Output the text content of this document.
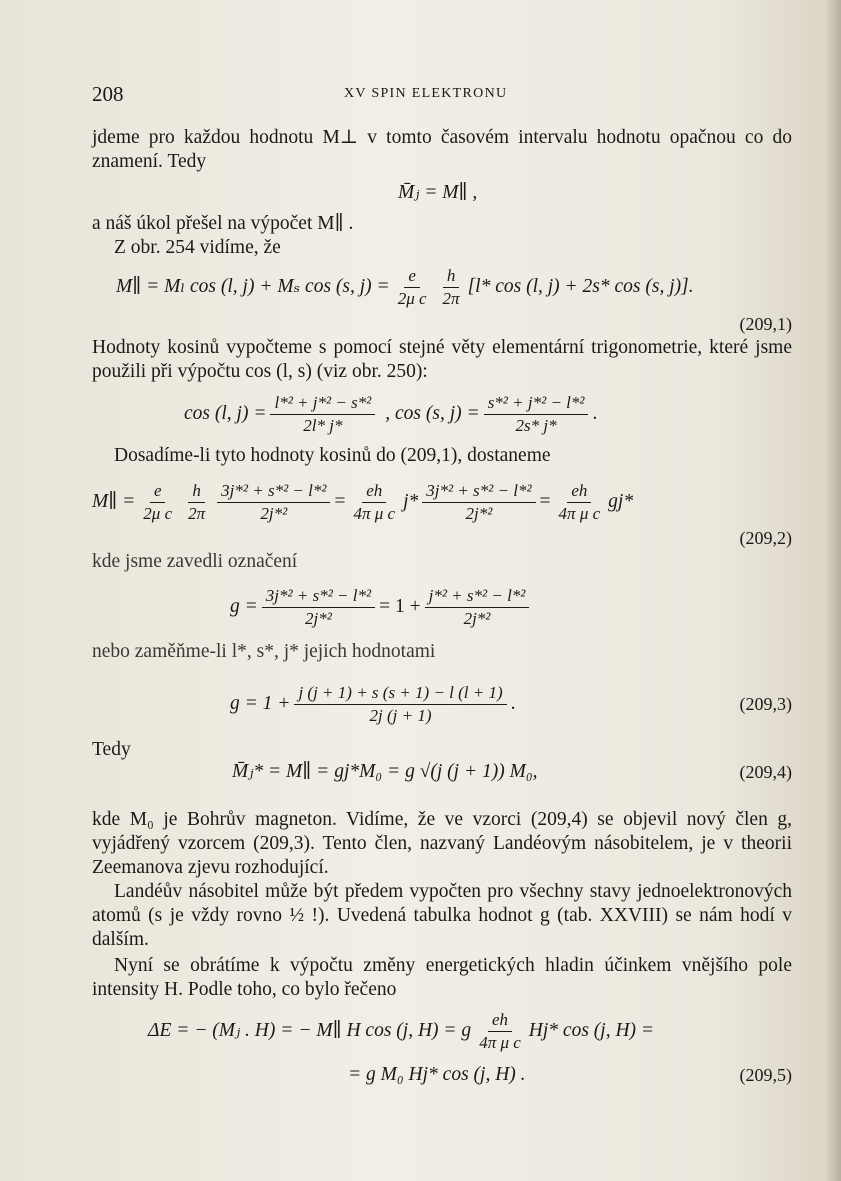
208	XV SPIN ELEKTRONU

jdeme pro každou hodnotu M⊥ v tomto časovém intervalu hodnotu opačnou co do znamení. Tedy

M̄ⱼ = M∥ ,

a náš úkol přešel na výpočet M∥ .

Z obr. 254 vidíme, že

M∥ = Mₗ cos (l, j) + Mₛ cos (s, $j) = \frac{e}{\text{2μ c}} \frac{h}{2\pi} [l*$ cos (l, j) + 2s* cos (s, j)].
(209,1)

Hodnoty kosinů vypočteme s pomocí stejné věty elementární trigonometrie, které jsme použili při výpočtu cos (l, s) (viz obr. 250):

cos (l, $j) = \frac{\text{l*² + j*² − s*²}}{2l* j*}$ , cos (s, $j) = \frac{\text{s*² + j*² − l*²}}{2s* j*}$ .

Dosadíme-li tyto hodnoty kosinů do (209,1), dostaneme

M∥ = $\frac{e}{\text{2μ c}} \frac{h}{2\pi} \frac{\text{3j*² + s*² − l*²}}{\text{2j*²}} = \frac{eh}{\text{4π μ c}} j* \frac{\text{3j*² + s*² − l*²}}{\text{2j*²}} = \frac{eh}{\text{4π μ c}} gj*$
(209,2)

kde jsme zavedli označení

$g = \frac{\text{3j*² + s*² − l*²}}{\text{2j*²}} = 1 + \frac{\text{j*² + s*² − l*²}}{\text{2j*²}}$

nebo zaměňme-li l*, s*, j* jejich hodnotami

$g = 1 + \frac{j (j + 1) + s (s + 1) - l (l + 1)}{2j (j + 1)}$ .	(209,3)

Tedy

M̄ⱼ* = M∥ = gj*M₀ = g √(j (j + 1)) M₀,	(209,4)

kde M₀ je Bohrův magneton. Vidíme, že ve vzorci (209,4) se objevil nový člen g, vyjádřený vzorcem (209,3). Tento člen, nazvaný Landéovým násobitelem, je v theorii Zeemanova zjevu rozhodující.

Landéův násobitel může být předem vypočten pro všechny stavy jednoelektronových atomů (s je vždy rovno ½ !). Uvedená tabulka hodnot g (tab. XXVIII) se nám hodí v dalším.

Nyní se obrátíme k výpočtu změny energetických hladin účinkem vnějšího pole intensity H. Podle toho, co bylo řečeno

ΔE = − (Mⱼ . H) = − M∥ H cos (j, H) = g $\frac{eh}{\text{4π μ c}} Hj*$ cos (j, H) =
= g M₀ Hj* cos (j, H) .	(209,5)
